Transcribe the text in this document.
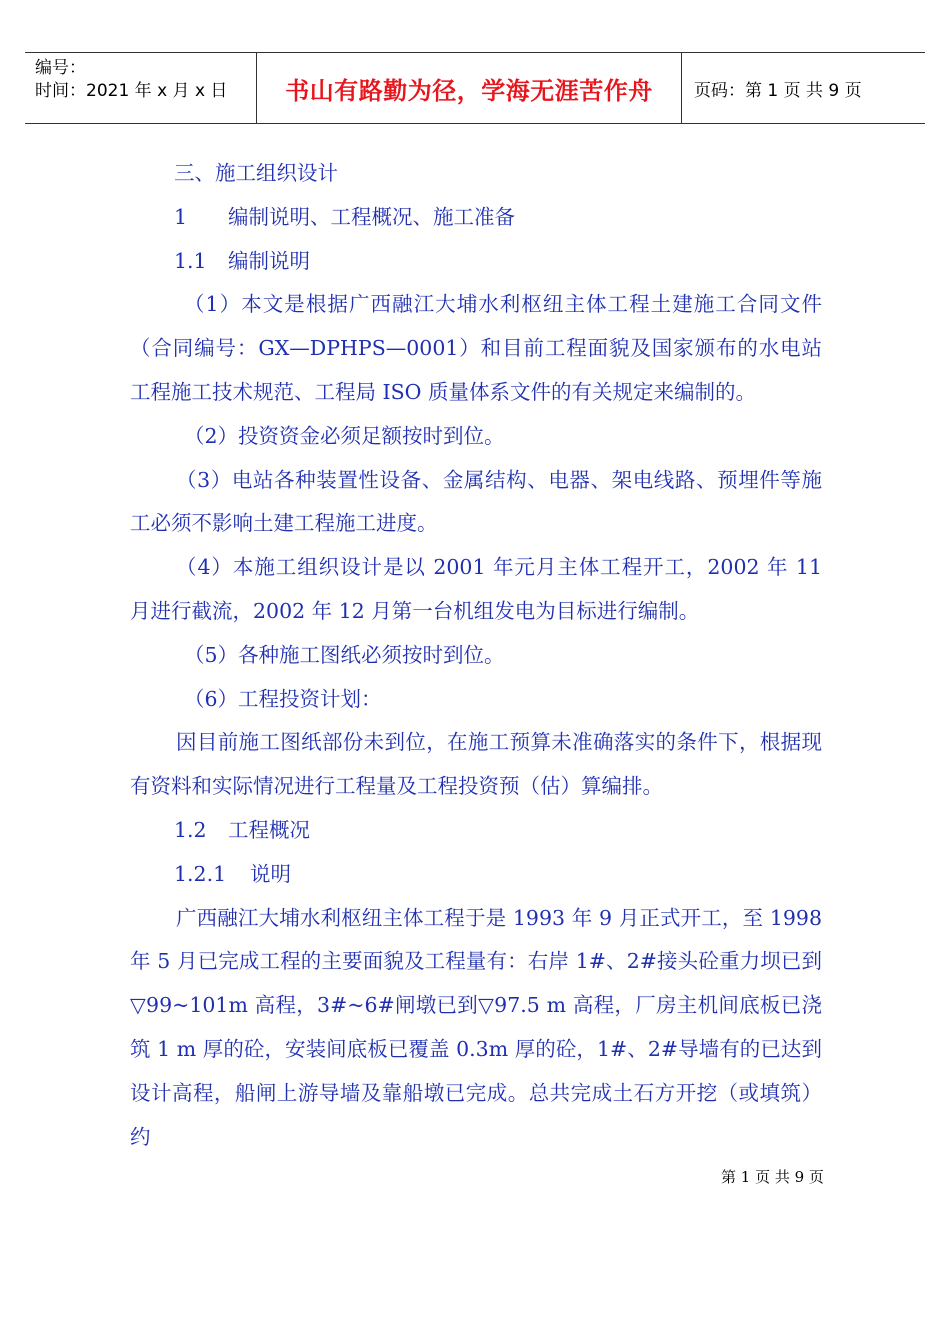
编号：
时间：2021 年 x 月 x 日	书山有路勤为径，学海无涯苦作舟	页码：第 1 页 共 9 页

三、施工组织设计

1 编制说明、工程概况、施工准备

1.1 编制说明

（1）本文是根据广西融江大埔水利枢纽主体工程土建施工合同文件（合同编号：GX—DPHPS—0001）和目前工程面貌及国家颁布的水电站工程施工技术规范、工程局 ISO 质量体系文件的有关规定来编制的。

（2）投资资金必须足额按时到位。

（3）电站各种装置性设备、金属结构、电器、架电线路、预埋件等施工必须不影响土建工程施工进度。

（4）本施工组织设计是以 2001 年元月主体工程开工，2002 年 11 月进行截流，2002 年 12 月第一台机组发电为目标进行编制。

（5）各种施工图纸必须按时到位。

（6）工程投资计划：

因目前施工图纸部份未到位，在施工预算未准确落实的条件下，根据现有资料和实际情况进行工程量及工程投资预（估）算编排。

1.2 工程概况

1.2.1 说明

广西融江大埔水利枢纽主体工程于是 1993 年 9 月正式开工，至 1998 年 5 月已完成工程的主要面貌及工程量有：右岸 1#、2#接头砼重力坝已到▽99~101m 高程，3#~6#闸墩已到▽97.5 m 高程，厂房主机间底板已浇筑 1 m 厚的砼，安装间底板已覆盖 0.3m 厚的砼，1#、2#导墙有的已达到设计高程，船闸上游导墙及靠船墩已完成。总共完成土石方开挖（或填筑）约

第 1 页 共 9 页
